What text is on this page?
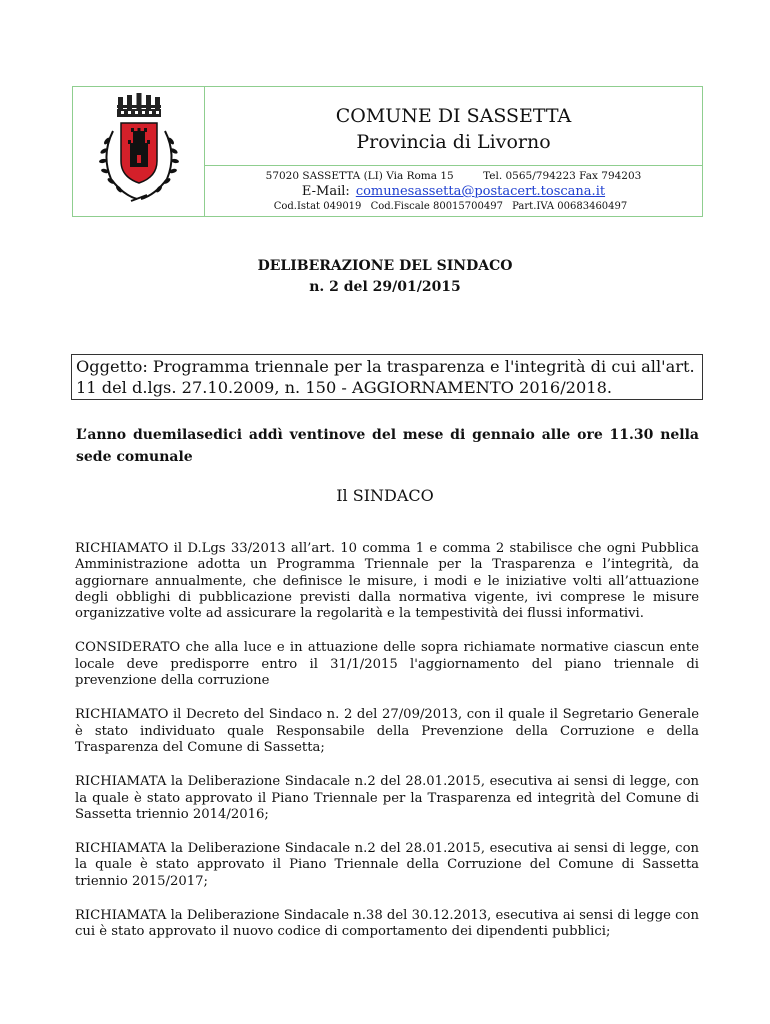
COMUNE DI SASSETTA
Provincia di Livorno
57020 SASSETTA (LI) Via Roma 15	Tel. 0565/794223 Fax 794203
E-Mail: comunesassetta@postacert.toscana.it
Cod.Istat 049019 Cod.Fiscale 80015700497 Part.IVA 00683460497
DELIBERAZIONE DEL SINDACO
n. 2 del 29/01/2015
Oggetto: Programma triennale per la trasparenza e l'integrità di cui all'art. 11 del d.lgs. 27.10.2009, n. 150 - AGGIORNAMENTO 2016/2018.
L’anno duemilasedici addì ventinove del mese di gennaio alle ore 11.30 nella sede comunale
Il SINDACO

RICHIAMATO il D.Lgs 33/2013 all’art. 10 comma 1 e comma 2 stabilisce che ogni Pubblica Amministrazione adotta un Programma Triennale per la Trasparenza e l’integrità, da aggiornare annualmente, che definisce le misure, i modi e le iniziative volti all’attuazione degli obblighi di pubblicazione previsti dalla normativa vigente, ivi comprese le misure organizzative volte ad assicurare la regolarità e la tempestività dei flussi informativi.

CONSIDERATO che alla luce e in attuazione delle sopra richiamate normative ciascun ente locale deve predisporre entro il 31/1/2015 l'aggiornamento del piano triennale di prevenzione della corruzione

RICHIAMATO il Decreto del Sindaco n. 2 del 27/09/2013, con il quale il Segretario Generale è stato individuato quale Responsabile della Prevenzione della Corruzione e della Trasparenza del Comune di Sassetta;

RICHIAMATA la Deliberazione Sindacale n.2 del 28.01.2015, esecutiva ai sensi di legge, con la quale è stato approvato il Piano Triennale per la Trasparenza ed integrità del Comune di Sassetta triennio 2014/2016;

RICHIAMATA la Deliberazione Sindacale n.2 del 28.01.2015, esecutiva ai sensi di legge, con la quale è stato approvato il Piano Triennale della Corruzione del Comune di Sassetta triennio 2015/2017;

RICHIAMATA la Deliberazione Sindacale n.38 del 30.12.2013, esecutiva ai sensi di legge con cui è stato approvato il nuovo codice di comportamento dei dipendenti pubblici;
